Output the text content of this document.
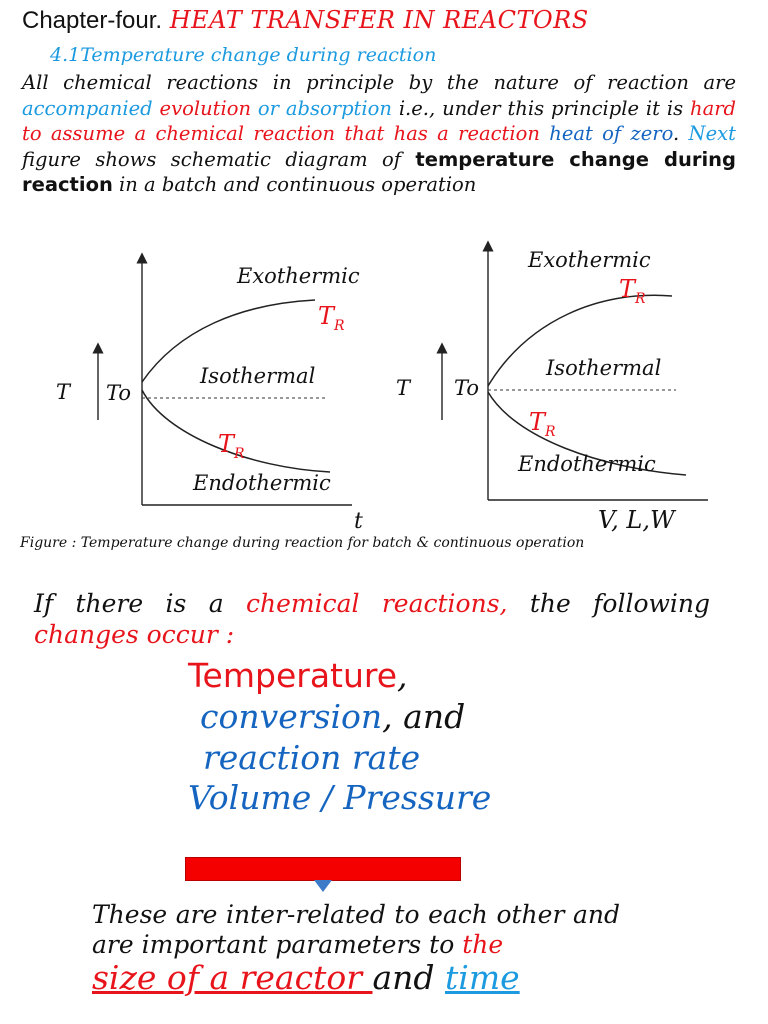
Chapter-four. HEAT TRANSFER IN REACTORS
4.1Temperature change during reaction
All chemical reactions in principle by the nature of reaction are accompanied evolution or absorption i.e., under this principle it is hard to assume a chemical reaction that has a reaction heat of zero. Next figure shows schematic diagram of temperature change during reaction in a batch and continuous operation
Exothermic
Isothermal
Endothermic
$T_R$
$T_R$
T To
t
Exothermic
Isothermal
Endothermic
$T_R$
$T_R$
T To
V, L,W
Figure : Temperature change during reaction for batch & continuous operation
If there is a chemical reactions, the following changes occur :
Temperature,
conversion, and
reaction rate
Volume / Pressure
These are inter-related to each other and are important parameters to the
size of a reactor and time
